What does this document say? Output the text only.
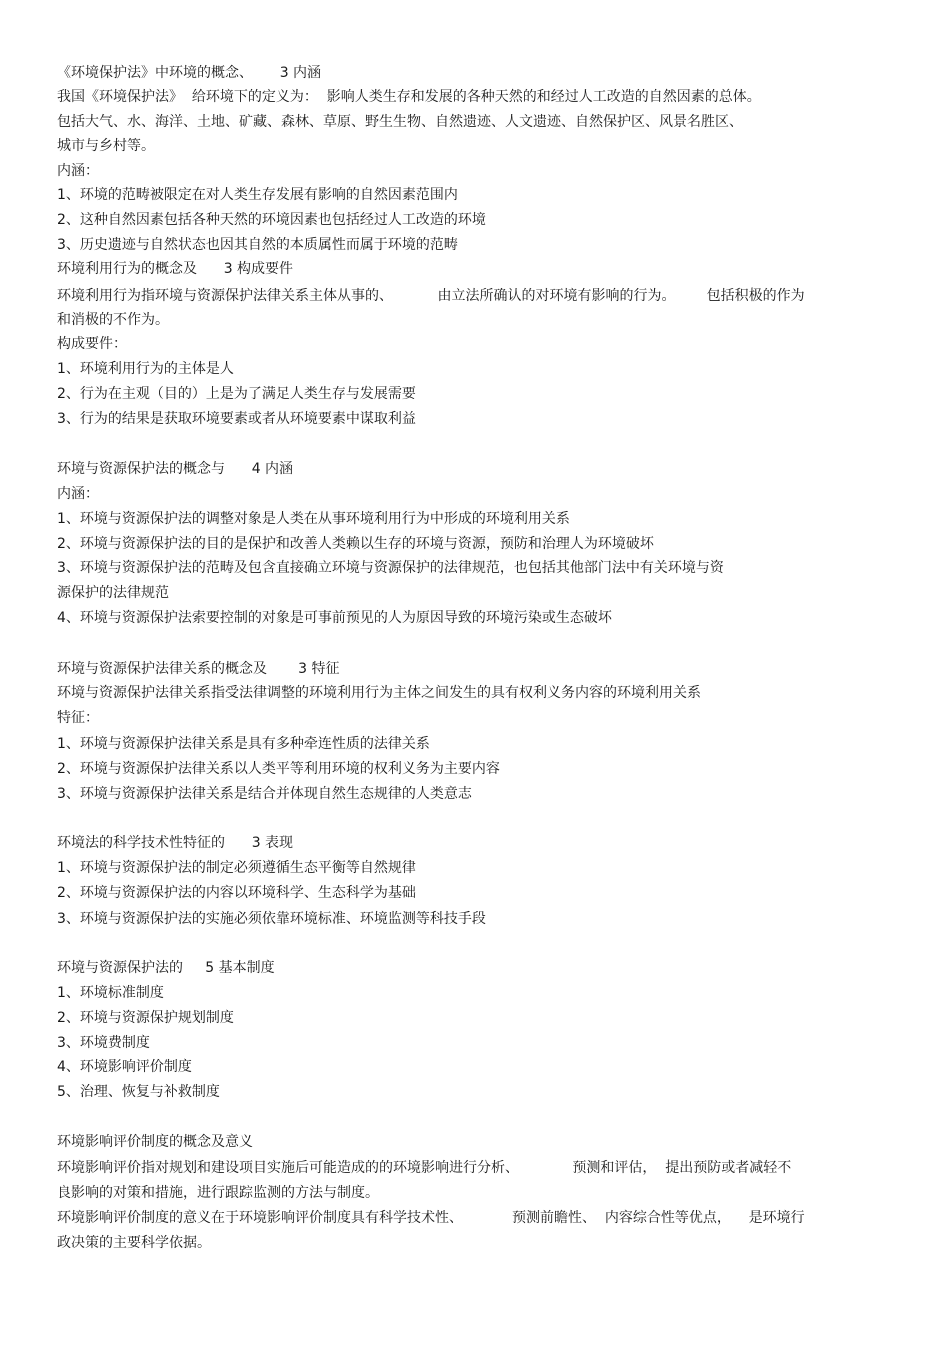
《环境保护法》中环境的概念、      3 内涵

我国《环境保护法》  给环境下的定义为：  影响人类生存和发展的各种天然的和经过人工改造的自然因素的总体。

包括大气、水、海洋、土地、矿藏、森林、草原、野生生物、自然遗迹、人文遗迹、自然保护区、风景名胜区、

城市与乡村等。

内涵：

1、环境的范畴被限定在对人类生存发展有影响的自然因素范围内

2、这种自然因素包括各种天然的环境因素也包括经过人工改造的环境

3、历史遗迹与自然状态也因其自然的本质属性而属于环境的范畴

环境利用行为的概念及      3 构成要件

环境利用行为指环境与资源保护法律关系主体从事的、          由立法所确认的对环境有影响的行为。       包括积极的作为

和消极的不作为。

构成要件：

1、环境利用行为的主体是人

2、行为在主观（目的）上是为了满足人类生存与发展需要

3、行为的结果是获取环境要素或者从环境要素中谋取利益

环境与资源保护法的概念与      4 内涵

内涵：

1、环境与资源保护法的调整对象是人类在从事环境利用行为中形成的环境利用关系

2、环境与资源保护法的目的是保护和改善人类赖以生存的环境与资源，预防和治理人为环境破坏

3、环境与资源保护法的范畴及包含直接确立环境与资源保护的法律规范，也包括其他部门法中有关环境与资

源保护的法律规范

4、环境与资源保护法索要控制的对象是可事前预见的人为原因导致的环境污染或生态破坏

环境与资源保护法律关系的概念及       3 特征

环境与资源保护法律关系指受法律调整的环境利用行为主体之间发生的具有权利义务内容的环境利用关系

特征：

1、环境与资源保护法律关系是具有多种牵连性质的法律关系

2、环境与资源保护法律关系以人类平等利用环境的权利义务为主要内容

3、环境与资源保护法律关系是结合并体现自然生态规律的人类意志

环境法的科学技术性特征的      3 表现

1、环境与资源保护法的制定必须遵循生态平衡等自然规律

2、环境与资源保护法的内容以环境科学、生态科学为基础

3、环境与资源保护法的实施必须依靠环境标准、环境监测等科技手段

环境与资源保护法的     5 基本制度

1、环境标准制度

2、环境与资源保护规划制度

3、环境费制度

4、环境影响评价制度

5、治理、恢复与补救制度

环境影响评价制度的概念及意义

环境影响评价指对规划和建设项目实施后可能造成的的环境影响进行分析、            预测和评估，  提出预防或者减轻不

良影响的对策和措施，进行跟踪监测的方法与制度。

环境影响评价制度的意义在于环境影响评价制度具有科学技术性、           预测前瞻性、  内容综合性等优点，    是环境行

政决策的主要科学依据。
